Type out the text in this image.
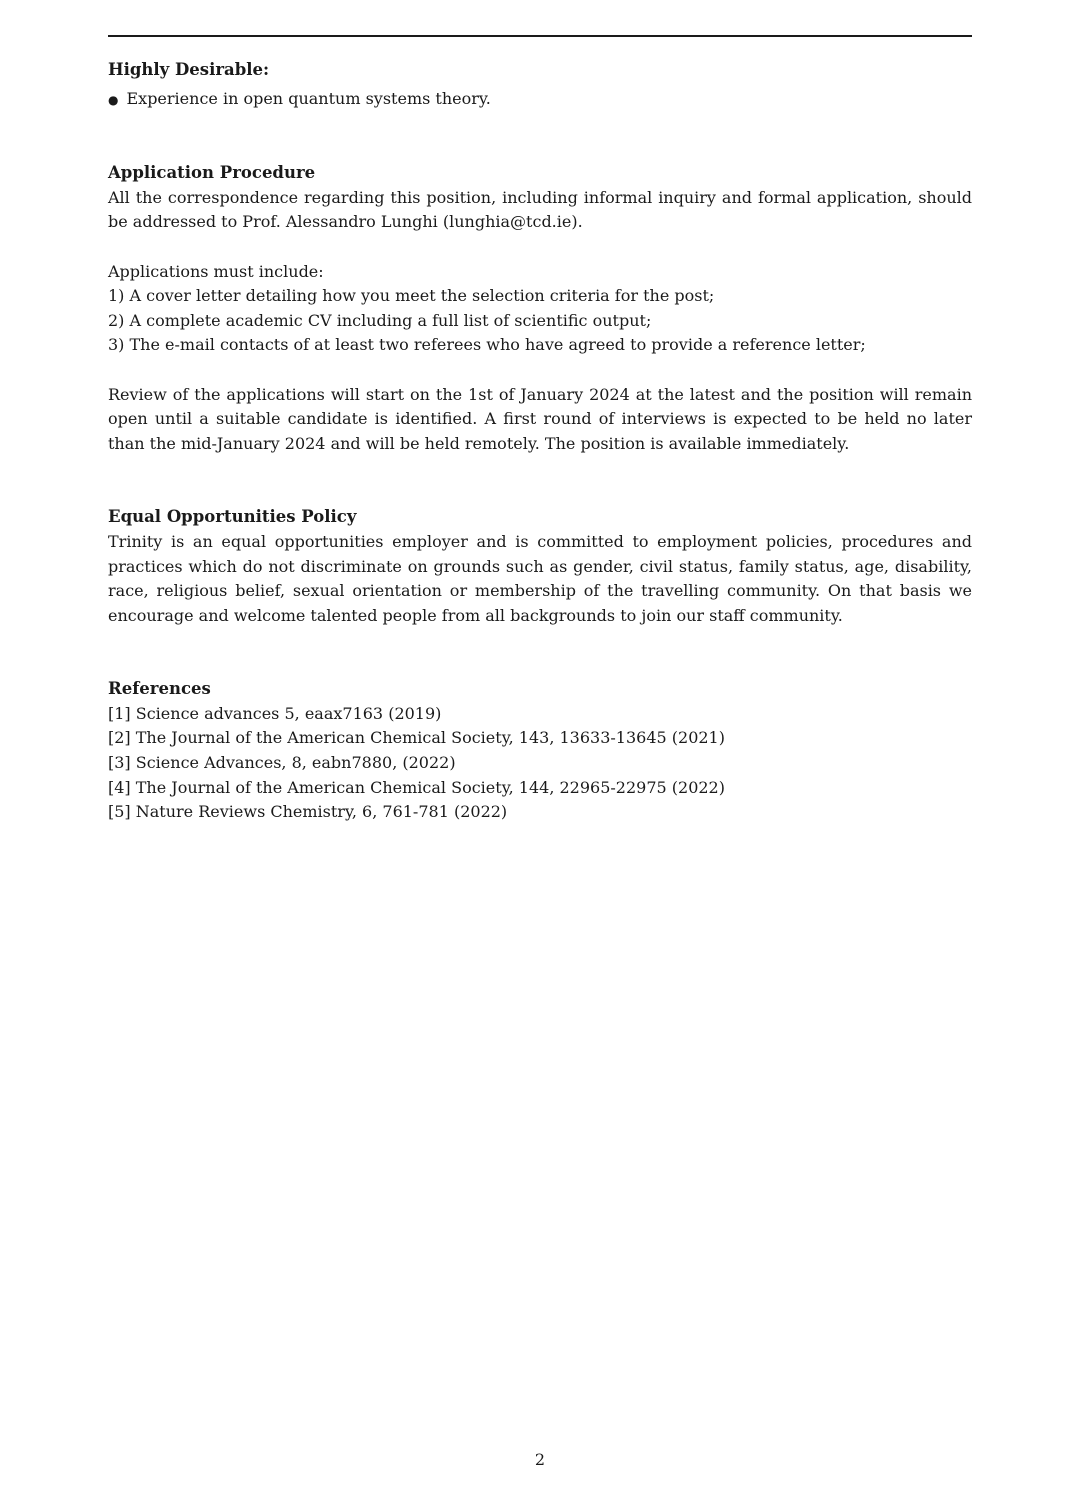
Highly Desirable:

● Experience in open quantum systems theory.

Application Procedure

All the correspondence regarding this position, including informal inquiry and formal application, should be addressed to Prof. Alessandro Lunghi (lunghia@tcd.ie).

Applications must include:

1) A cover letter detailing how you meet the selection criteria for the post;

2) A complete academic CV including a full list of scientific output;

3) The e-mail contacts of at least two referees who have agreed to provide a reference letter;

Review of the applications will start on the 1st of January 2024 at the latest and the position will remain open until a suitable candidate is identified. A first round of interviews is expected to be held no later than the mid-January 2024 and will be held remotely. The position is available immediately.

Equal Opportunities Policy

Trinity is an equal opportunities employer and is committed to employment policies, procedures and practices which do not discriminate on grounds such as gender, civil status, family status, age, disability, race, religious belief, sexual orientation or membership of the travelling community. On that basis we encourage and welcome talented people from all backgrounds to join our staff community.

References

[1] Science advances 5, eaax7163 (2019)

[2] The Journal of the American Chemical Society, 143, 13633-13645 (2021)

[3] Science Advances, 8, eabn7880, (2022)

[4] The Journal of the American Chemical Society, 144, 22965-22975 (2022)

[5] Nature Reviews Chemistry, 6, 761-781 (2022)

2
